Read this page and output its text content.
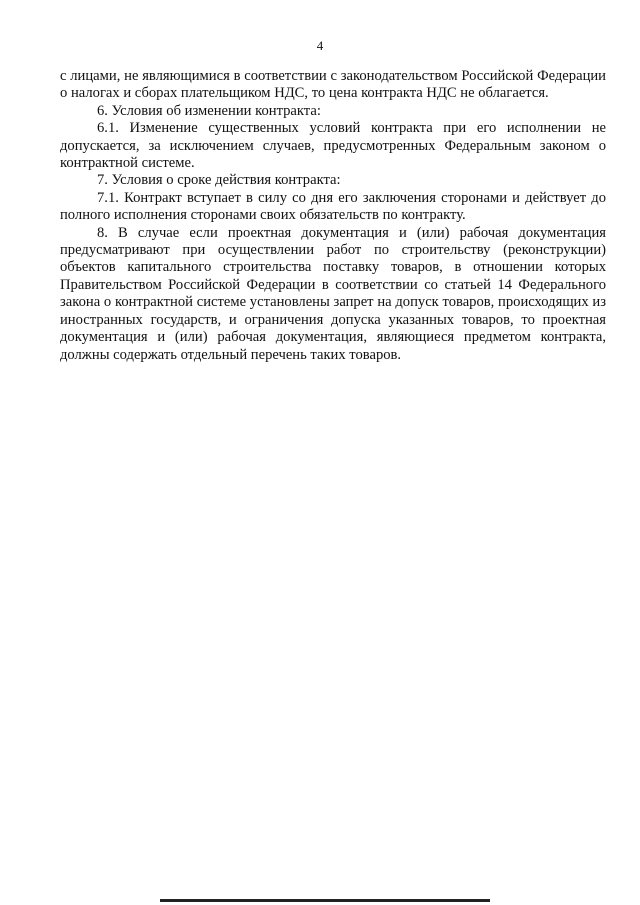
4

с лицами, не являющимися в соответствии с законодательством Российской Федерации о налогах и сборах плательщиком НДС, то цена контракта НДС не облагается.

6. Условия об изменении контракта:

6.1. Изменение существенных условий контракта при его исполнении не допускается, за исключением случаев, предусмотренных Федеральным законом о контрактной системе.

7. Условия о сроке действия контракта:

7.1. Контракт вступает в силу со дня его заключения сторонами и действует до полного исполнения сторонами своих обязательств по контракту.

8. В случае если проектная документация и (или) рабочая документация предусматривают при осуществлении работ по строительству (реконструкции) объектов капитального строительства поставку товаров, в отношении которых Правительством Российской Федерации в соответствии со статьей 14 Федерального закона о контрактной системе установлены запрет на допуск товаров, происходящих из иностранных государств, и ограничения допуска указанных товаров, то проектная документация и (или) рабочая документация, являющиеся предметом контракта, должны содержать отдельный перечень таких товаров.
